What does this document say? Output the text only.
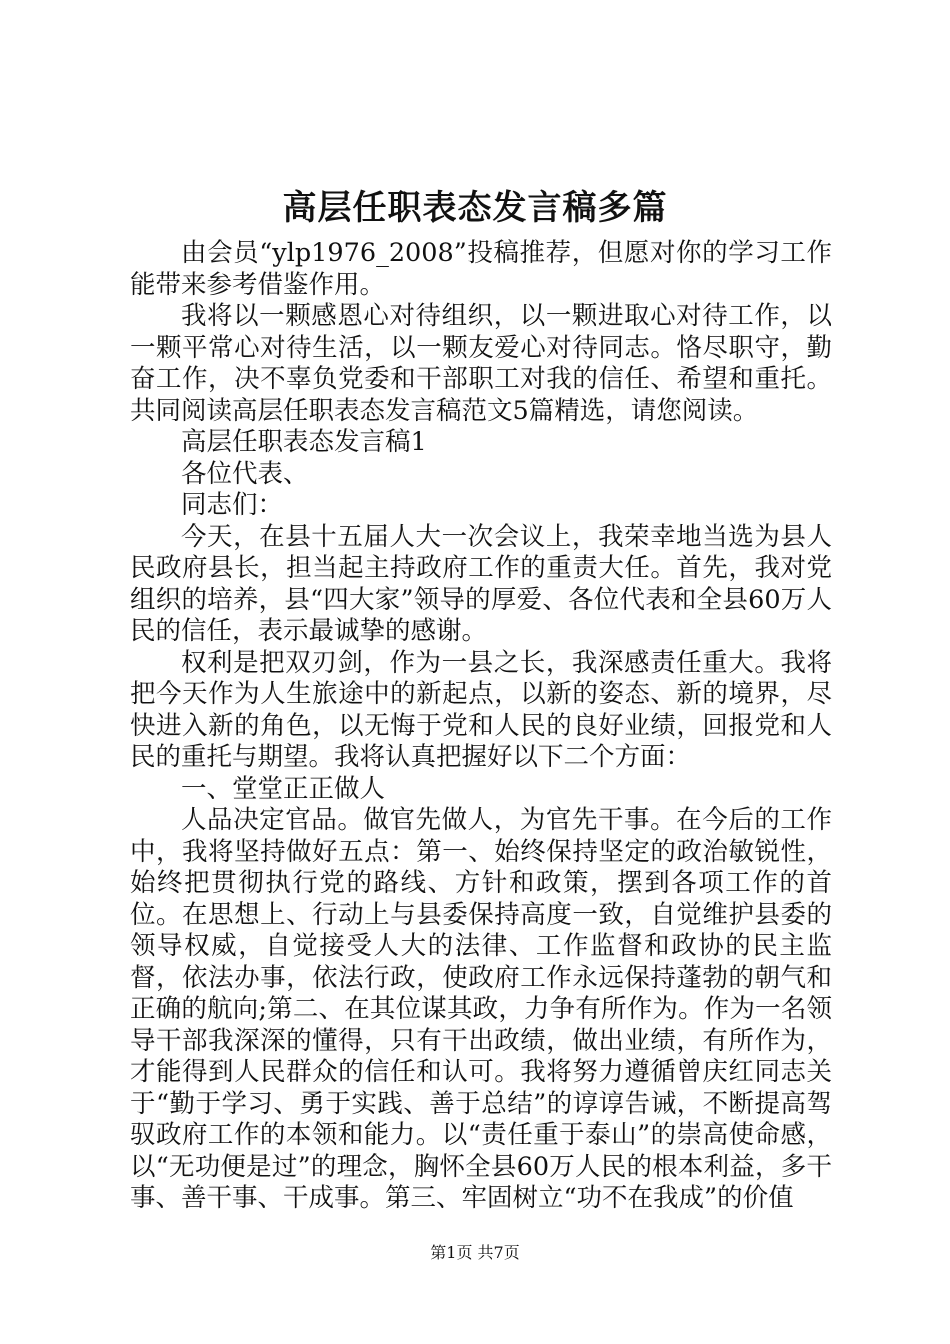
高层任职表态发言稿多篇

由会员“ylp1976_2008”投稿推荐，但愿对你的学习工作能带来参考借鉴作用。

我将以一颗感恩心对待组织，以一颗进取心对待工作，以一颗平常心对待生活，以一颗友爱心对待同志。恪尽职守，勤奋工作，决不辜负党委和干部职工对我的信任、希望和重托。共同阅读高层任职表态发言稿范文5篇精选，请您阅读。

高层任职表态发言稿1

各位代表、

同志们：

今天，在县十五届人大一次会议上，我荣幸地当选为县人民政府县长，担当起主持政府工作的重责大任。首先，我对党组织的培养，县“四大家”领导的厚爱、各位代表和全县60万人民的信任，表示最诚挚的感谢。

权利是把双刃剑，作为一县之长，我深感责任重大。我将把今天作为人生旅途中的新起点，以新的姿态、新的境界，尽快进入新的角色，以无悔于党和人民的良好业绩，回报党和人民的重托与期望。我将认真把握好以下二个方面：

一、堂堂正正做人

人品决定官品。做官先做人，为官先干事。在今后的工作中，我将坚持做好五点：第一、始终保持坚定的政治敏锐性，始终把贯彻执行党的路线、方针和政策，摆到各项工作的首位。在思想上、行动上与县委保持高度一致，自觉维护县委的领导权威，自觉接受人大的法律、工作监督和政协的民主监督，依法办事，依法行政，使政府工作永远保持蓬勃的朝气和正确的航向;第二、在其位谋其政，力争有所作为。作为一名领导干部我深深的懂得，只有干出政绩，做出业绩，有所作为，才能得到人民群众的信任和认可。我将努力遵循曾庆红同志关于“勤于学习、勇于实践、善于总结”的谆谆告诫，不断提高驾驭政府工作的本领和能力。以“责任重于泰山”的崇高使命感，以“无功便是过”的理念，胸怀全县60万人民的根本利益，多干事、善干事、干成事。第三、牢固树立“功不在我成”的价值

第1页 共7页
